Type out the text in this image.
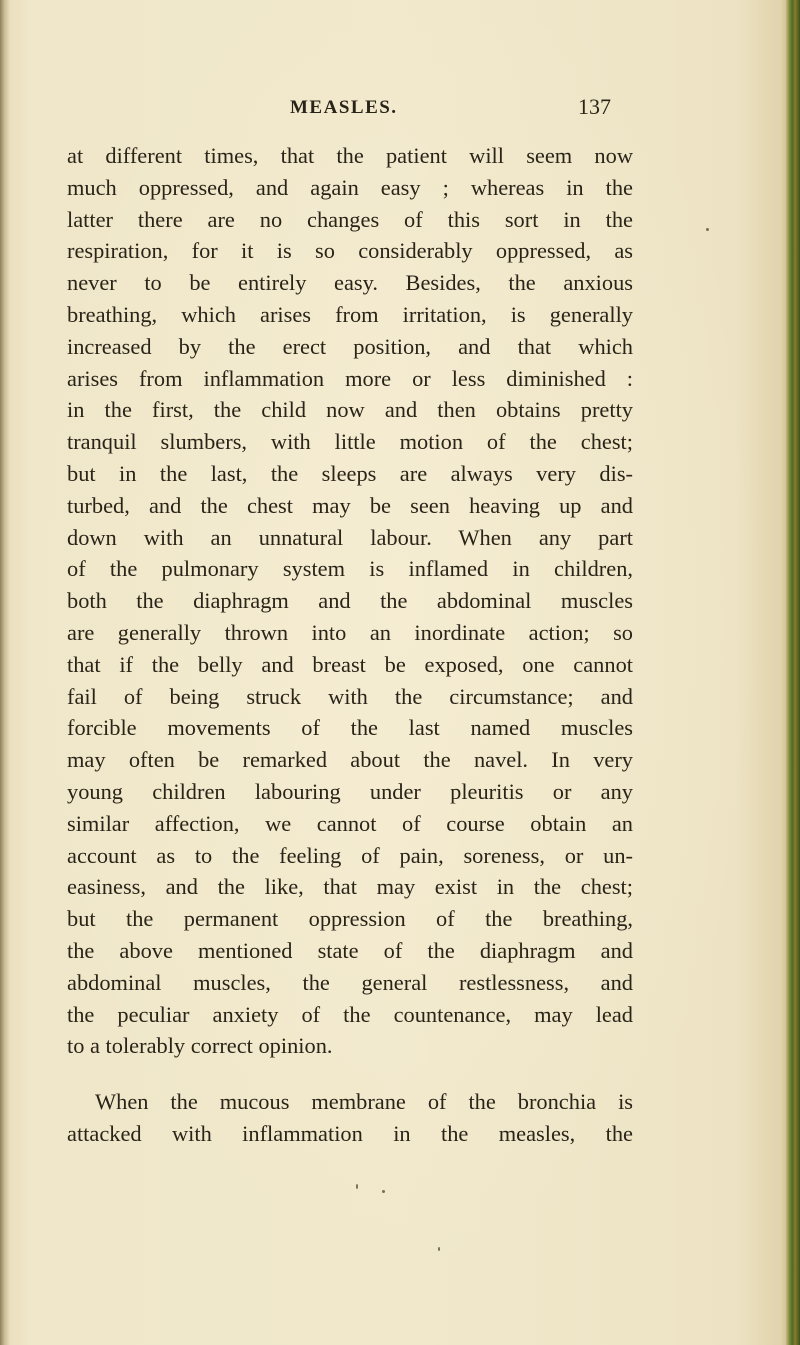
MEASLES.	137
at different times, that the patient will seem now
much oppressed, and again easy ; whereas in the
latter there are no changes of this sort in the
respiration, for it is so considerably oppressed, as
never to be entirely easy. Besides, the anxious
breathing, which arises from irritation, is generally
increased by the erect position, and that which
arises from inflammation more or less diminished :
in the first, the child now and then obtains pretty
tranquil slumbers, with little motion of the chest;
but in the last, the sleeps are always very dis-
turbed, and the chest may be seen heaving up and
down with an unnatural labour. When any part
of the pulmonary system is inflamed in children,
both the diaphragm and the abdominal muscles
are generally thrown into an inordinate action; so
that if the belly and breast be exposed, one cannot
fail of being struck with the circumstance; and
forcible movements of the last named muscles
may often be remarked about the navel. In very
young children labouring under pleuritis or any
similar affection, we cannot of course obtain an
account as to the feeling of pain, soreness, or un-
easiness, and the like, that may exist in the chest;
but the permanent oppression of the breathing,
the above mentioned state of the diaphragm and
abdominal muscles, the general restlessness, and
the peculiar anxiety of the countenance, may lead
to a tolerably correct opinion.
When the mucous membrane of the bronchia is
attacked with inflammation in the measles, the
